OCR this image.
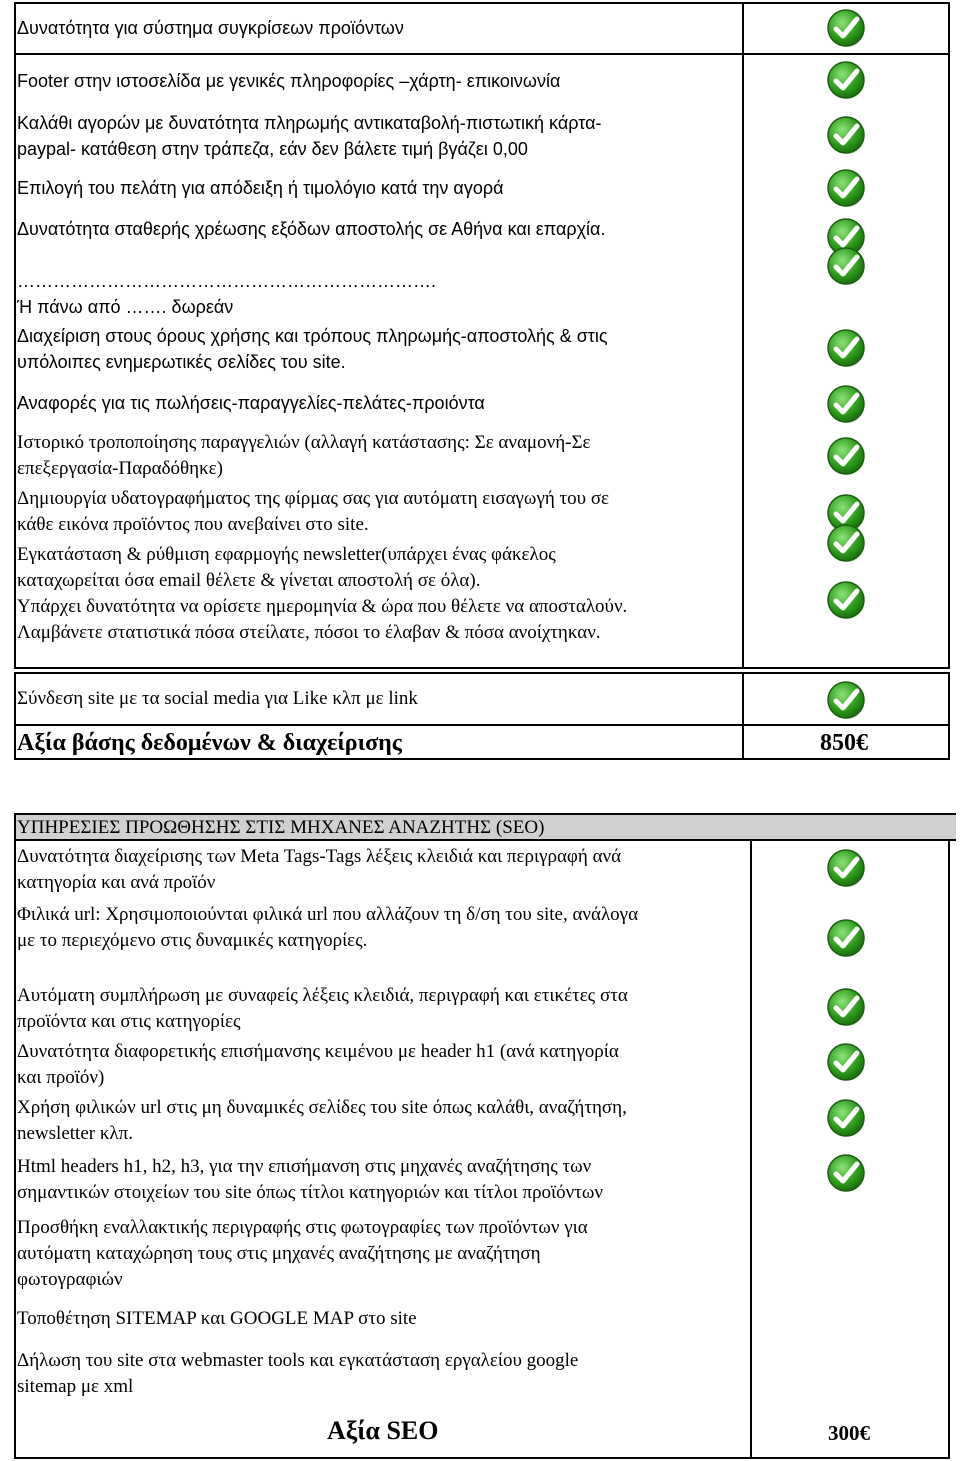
Δυνατότητα για σύστημα συγκρίσεων προϊόντων
Footer στην ιστοσελίδα με γενικές πληροφορίες –χάρτη- επικοινωνία
Καλάθι αγορών με δυνατότητα πληρωμής αντικαταβολή-πιστωτική κάρτα-
paypal- κατάθεση στην τράπεζα, εάν δεν βάλετε τιμή βγάζει 0,00
Επιλογή του πελάτη για απόδειξη ή τιμολόγιο κατά την αγορά
Δυνατότητα σταθερής χρέωσης εξόδων αποστολής σε Αθήνα και επαρχία.
…………………………………………………………….
Ή πάνω από ……. δωρεάν
Διαχείριση στους όρους χρήσης και τρόπους πληρωμής-αποστολής & στις
υπόλοιπες ενημερωτικές σελίδες του site.
Αναφορές για τις πωλήσεις-παραγγελίες-πελάτες-προιόντα
Ιστορικό τροποποίησης παραγγελιών (αλλαγή κατάστασης: Σε αναμονή-Σε
επεξεργασία-Παραδόθηκε)
Δημιουργία υδατογραφήματος της φίρμας σας για αυτόματη εισαγωγή του σε
κάθε εικόνα προϊόντος που ανεβαίνει στο site.
Εγκατάσταση & ρύθμιση εφαρμογής newsletter(υπάρχει ένας φάκελος
καταχωρείται όσα email θέλετε & γίνεται αποστολή σε όλα).
Υπάρχει δυνατότητα να ορίσετε ημερομηνία & ώρα που θέλετε να αποσταλούν.
Λαμβάνετε στατιστικά πόσα στείλατε, πόσοι το έλαβαν & πόσα ανοίχτηκαν.
Σύνδεση site με τα social media για Like κλπ με link
Αξία βάσης δεδομένων & διαχείρισης	850€
ΥΠΗΡΕΣΙΕΣ ΠΡΟΩΘΗΣΗΣ ΣΤΙΣ ΜΗΧΑΝΕΣ ΑΝΑΖΗΤΗΣ (SEO)
Δυνατότητα διαχείρισης των Meta Tags-Tags λέξεις κλειδιά και περιγραφή ανά
κατηγορία και ανά προϊόν
Φιλικά url: Χρησιμοποιούνται φιλικά url που αλλάζουν τη δ/ση του site, ανάλογα
με το περιεχόμενο στις δυναμικές κατηγορίες.
Αυτόματη συμπλήρωση με συναφείς λέξεις κλειδιά, περιγραφή και ετικέτες στα
προϊόντα και στις κατηγορίες
Δυνατότητα διαφορετικής επισήμανσης κειμένου με header h1 (ανά κατηγορία
και προϊόν)
Χρήση φιλικών url στις μη δυναμικές σελίδες του site όπως καλάθι, αναζήτηση,
newsletter κλπ.
Html headers h1, h2, h3, για την επισήμανση στις μηχανές αναζήτησης των
σημαντικών στοιχείων του site όπως τίτλοι κατηγοριών και τίτλοι προϊόντων
Προσθήκη εναλλακτικής περιγραφής στις φωτογραφίες των προϊόντων για
αυτόματη καταχώρηση τους στις μηχανές αναζήτησης με αναζήτηση
φωτογραφιών
Τοποθέτηση SITEMAP και GOOGLE MAP στο site
Δήλωση του site στα webmaster tools και εγκατάσταση εργαλείου google
sitemap με xml
Αξία SEO	300€
